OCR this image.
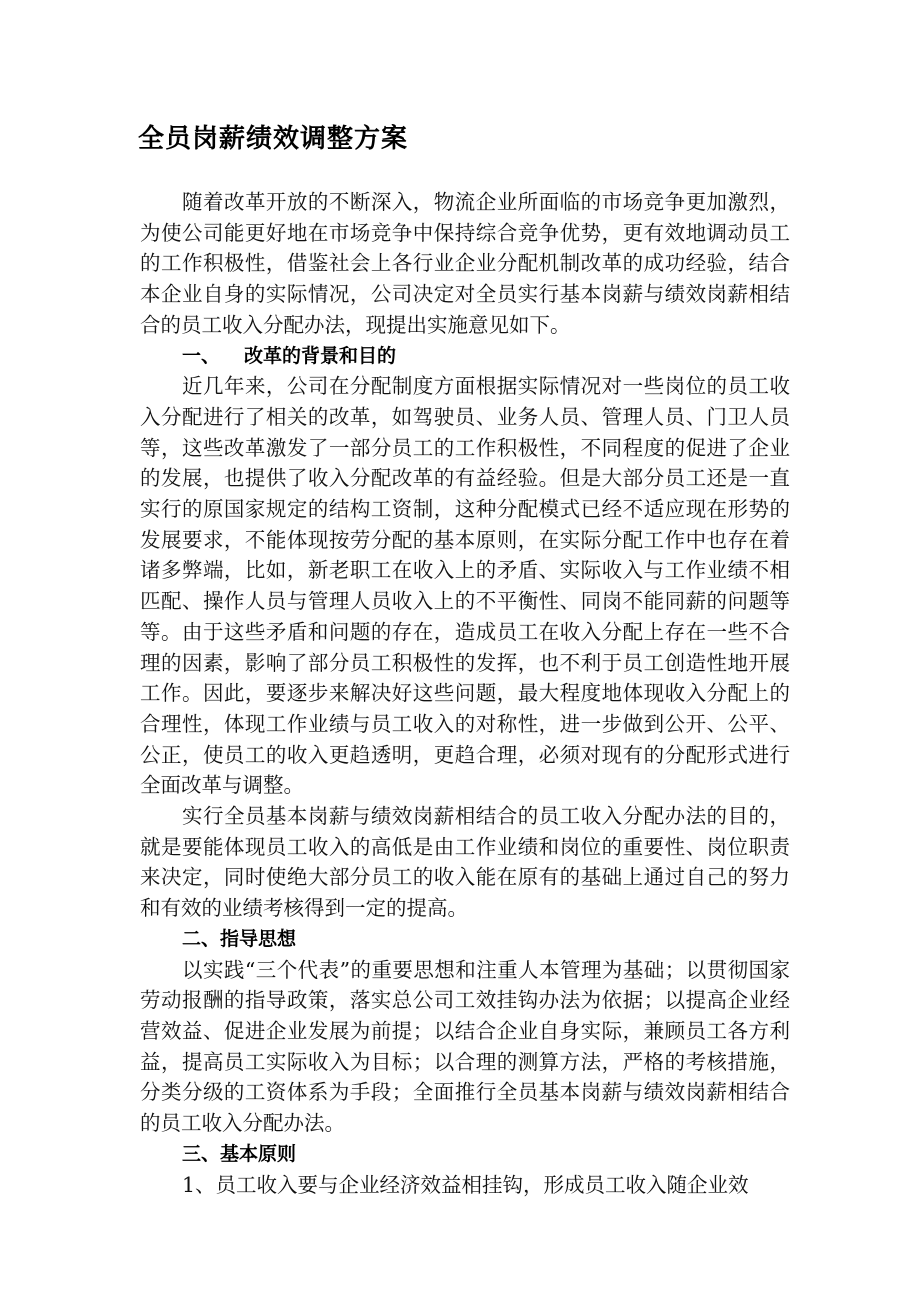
全员岗薪绩效调整方案

随着改革开放的不断深入，物流企业所面临的市场竞争更加激烈，为使公司能更好地在市场竞争中保持综合竞争优势，更有效地调动员工的工作积极性，借鉴社会上各行业企业分配机制改革的成功经验，结合本企业自身的实际情况，公司决定对全员实行基本岗薪与绩效岗薪相结合的员工收入分配办法，现提出实施意见如下。

一、 改革的背景和目的

近几年来，公司在分配制度方面根据实际情况对一些岗位的员工收入分配进行了相关的改革，如驾驶员、业务人员、管理人员、门卫人员等，这些改革激发了一部分员工的工作积极性，不同程度的促进了企业的发展，也提供了收入分配改革的有益经验。但是大部分员工还是一直实行的原国家规定的结构工资制，这种分配模式已经不适应现在形势的发展要求，不能体现按劳分配的基本原则，在实际分配工作中也存在着诸多弊端，比如，新老职工在收入上的矛盾、实际收入与工作业绩不相匹配、操作人员与管理人员收入上的不平衡性、同岗不能同薪的问题等等。由于这些矛盾和问题的存在，造成员工在收入分配上存在一些不合理的因素，影响了部分员工积极性的发挥，也不利于员工创造性地开展工作。因此，要逐步来解决好这些问题，最大程度地体现收入分配上的合理性，体现工作业绩与员工收入的对称性，进一步做到公开、公平、公正，使员工的收入更趋透明，更趋合理，必须对现有的分配形式进行全面改革与调整。

实行全员基本岗薪与绩效岗薪相结合的员工收入分配办法的目的，就是要能体现员工收入的高低是由工作业绩和岗位的重要性、岗位职责来决定，同时使绝大部分员工的收入能在原有的基础上通过自己的努力和有效的业绩考核得到一定的提高。

二、指导思想

以实践“三个代表”的重要思想和注重人本管理为基础；以贯彻国家劳动报酬的指导政策，落实总公司工效挂钩办法为依据；以提高企业经营效益、促进企业发展为前提；以结合企业自身实际，兼顾员工各方利益，提高员工实际收入为目标；以合理的测算方法，严格的考核措施，分类分级的工资体系为手段；全面推行全员基本岗薪与绩效岗薪相结合的员工收入分配办法。

三、基本原则

1、员工收入要与企业经济效益相挂钩，形成员工收入随企业效
